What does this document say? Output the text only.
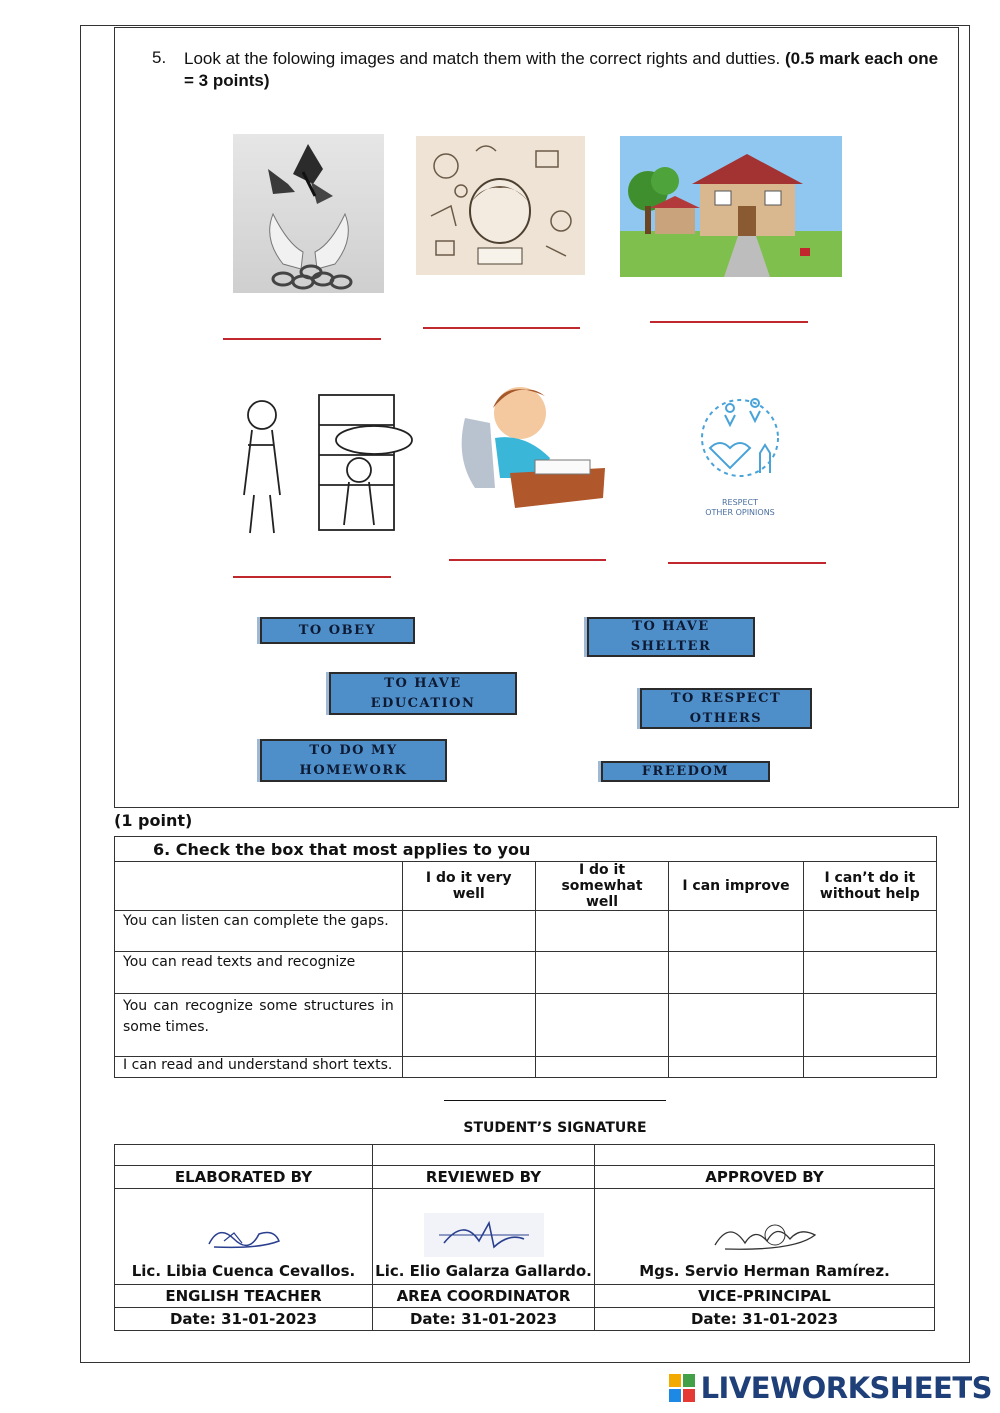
5. Look at the folowing images and match them with the correct rights and dutties. (0.5 mark each one = 3 points)
RESPECT
OTHER OPINIONS
TO OBEY	TO HAVE SHELTER
TO HAVE EDUCATION	TO RESPECT OTHERS
TO DO MY HOMEWORK	FREEDOM
(1 point)
6. Check the box that most applies to you				
	I do it very well	I do it somewhat well	I can improve	I can’t do it without help
You can listen can complete the gaps.				
You can read texts and recognize				
You can recognize some structures in some times.				
I can read and understand short texts.				
STUDENT’S SIGNATURE

ELABORATED BY	REVIEWED BY	APPROVED BY

Lic. Libia Cuenca Cevallos.	Lic. Elio Galarza Gallardo.	Mgs. Servio Herman Ramírez.

ENGLISH TEACHER	AREA COORDINATOR	VICE-PRINCIPAL
Date: 31-01-2023	Date: 31-01-2023	Date: 31-01-2023
LIVEWORKSHEETS
